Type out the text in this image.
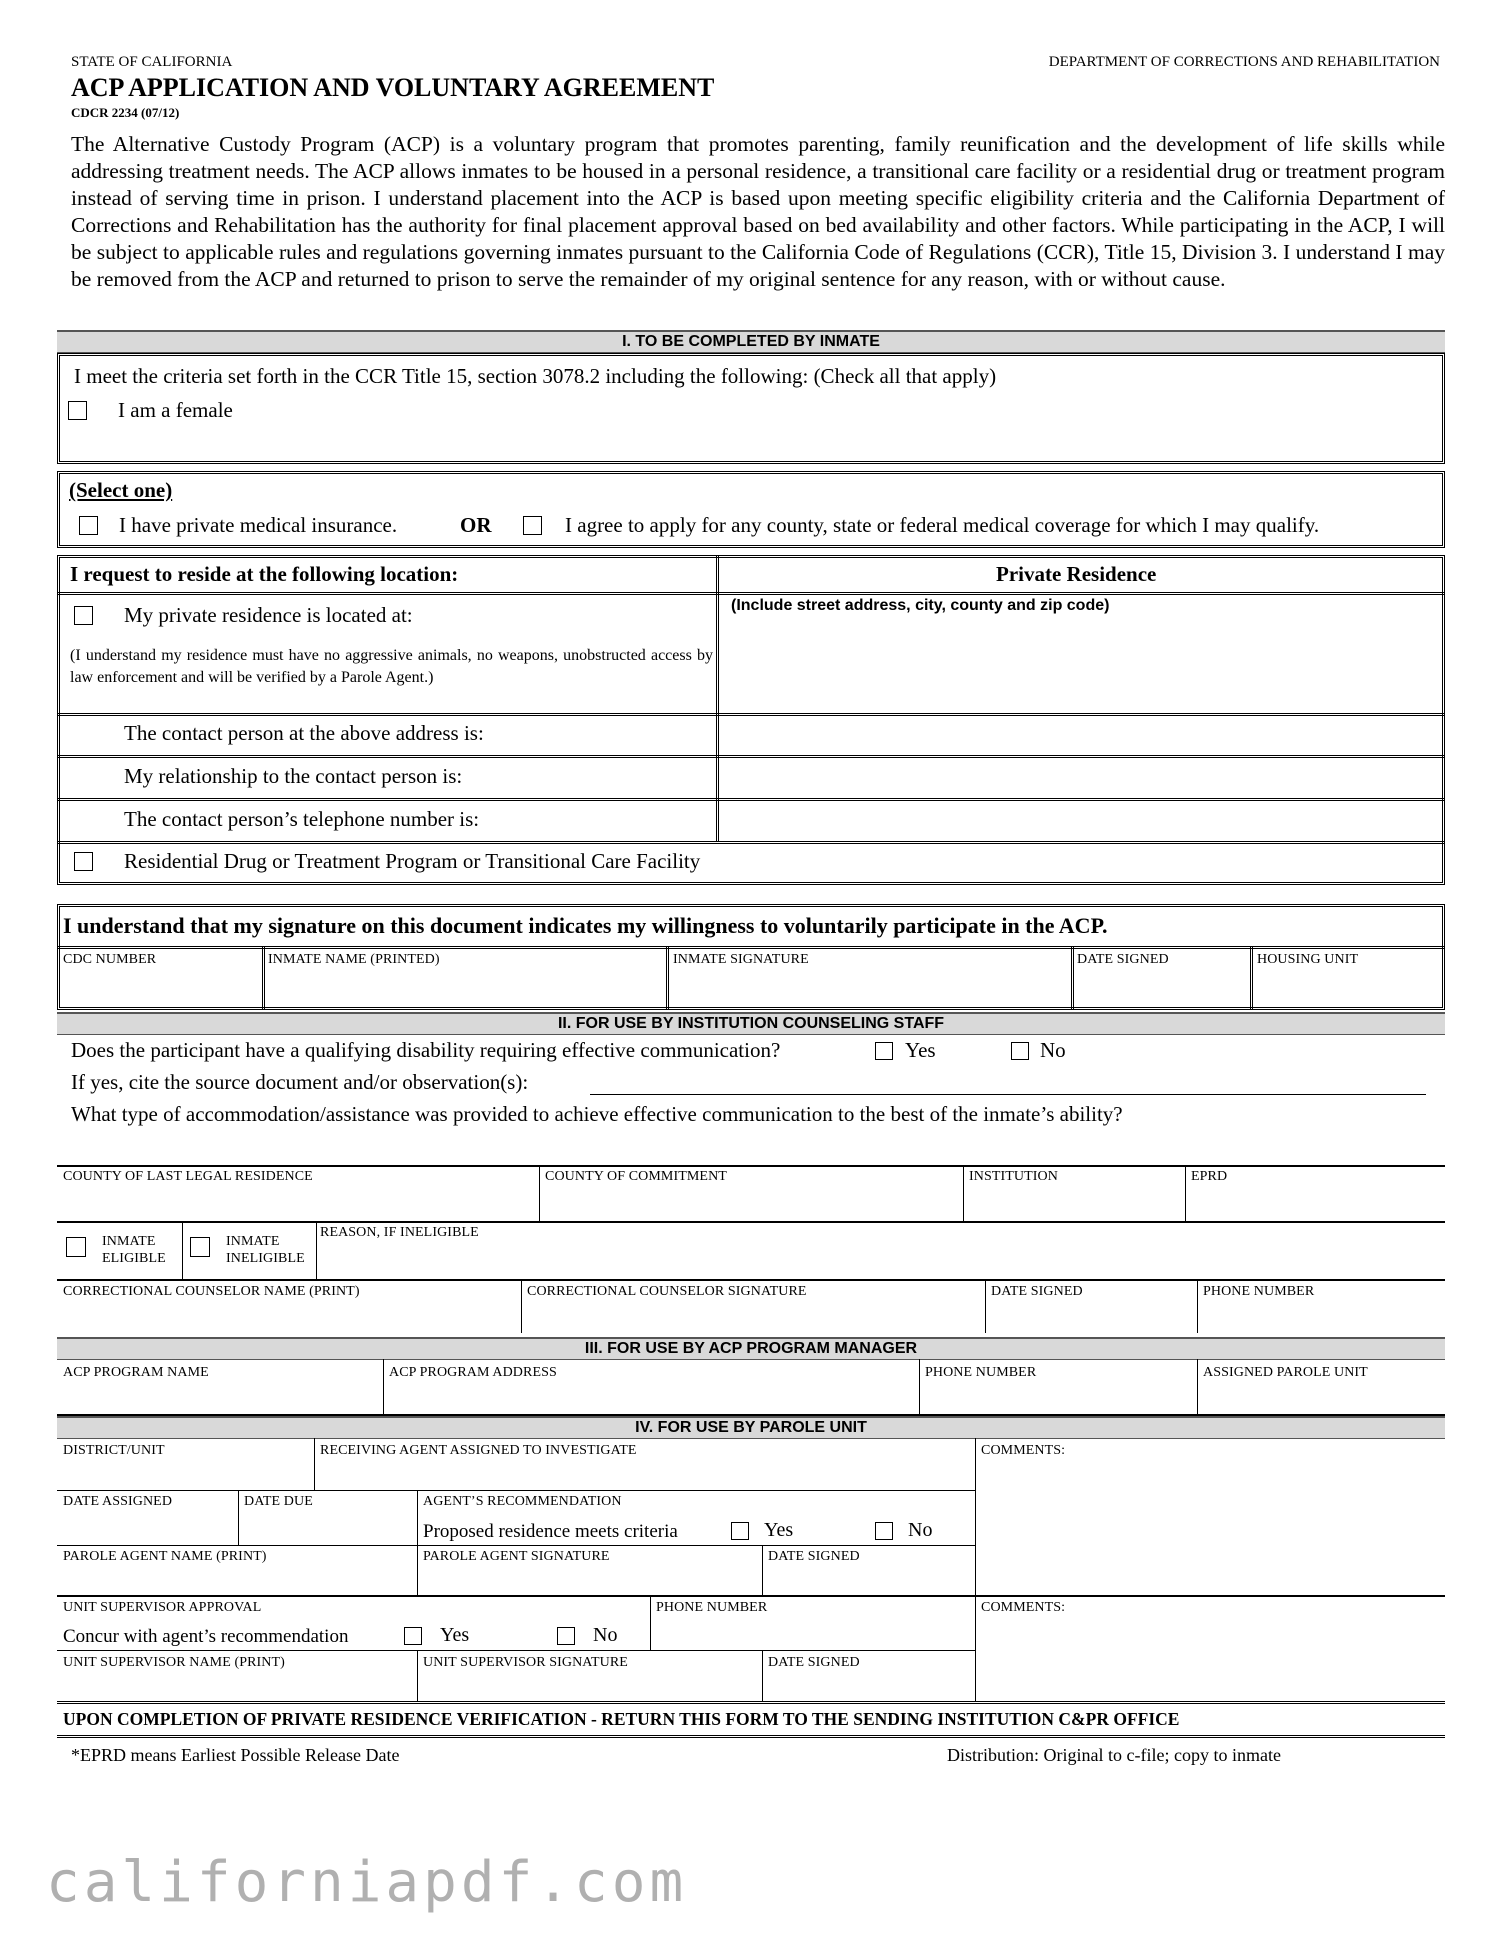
STATE OF CALIFORNIA	DEPARTMENT OF CORRECTIONS AND REHABILITATION
ACP APPLICATION AND VOLUNTARY AGREEMENT
CDCR 2234 (07/12)

The Alternative Custody Program (ACP) is a voluntary program that promotes parenting, family reunification and the development of life skills while addressing treatment needs. The ACP allows inmates to be housed in a personal residence, a transitional care facility or a residential drug or treatment program instead of serving time in prison. I understand placement into the ACP is based upon meeting specific eligibility criteria and the California Department of Corrections and Rehabilitation has the authority for final placement approval based on bed availability and other factors. While participating in the ACP, I will be subject to applicable rules and regulations governing inmates pursuant to the California Code of Regulations (CCR), Title 15, Division 3. I understand I may be removed from the ACP and returned to prison to serve the remainder of my original sentence for any reason, with or without cause.

I. TO BE COMPLETED BY INMATE
I meet the criteria set forth in the CCR Title 15, section 3078.2 including the following: (Check all that apply)
I am a female
(Select one)
I have private medical insurance.	OR	I agree to apply for any county, state or federal medical coverage for which I may qualify.
I request to reside at the following location:	Private Residence
My private residence is located at:	(Include street address, city, county and zip code)
(I understand my residence must have no aggressive animals, no weapons, unobstructed access by law enforcement and will be verified by a Parole Agent.)
The contact person at the above address is:
My relationship to the contact person is:
The contact person’s telephone number is:
Residential Drug or Treatment Program or Transitional Care Facility
I understand that my signature on this document indicates my willingness to voluntarily participate in the ACP.
CDC NUMBER	INMATE NAME (PRINTED)	INMATE SIGNATURE	DATE SIGNED	HOUSING UNIT
II. FOR USE BY INSTITUTION COUNSELING STAFF
Does the participant have a qualifying disability requiring effective communication?	Yes	No
If yes, cite the source document and/or observation(s):
What type of accommodation/assistance was provided to achieve effective communication to the best of the inmate’s ability?
COUNTY OF LAST LEGAL RESIDENCE	COUNTY OF COMMITMENT	INSTITUTION	EPRD
INMATE
ELIGIBLE
INMATE
INELIGIBLE
REASON, IF INELIGIBLE
CORRECTIONAL COUNSELOR NAME (PRINT)	CORRECTIONAL COUNSELOR SIGNATURE	DATE SIGNED	PHONE NUMBER
III. FOR USE BY ACP PROGRAM MANAGER
ACP PROGRAM NAME	ACP PROGRAM ADDRESS	PHONE NUMBER	ASSIGNED PAROLE UNIT
IV. FOR USE BY PAROLE UNIT
DISTRICT/UNIT	RECEIVING AGENT ASSIGNED TO INVESTIGATE	COMMENTS:
DATE ASSIGNED	DATE DUE	AGENT’S RECOMMENDATION
Proposed residence meets criteria	Yes	No
PAROLE AGENT NAME (PRINT)	PAROLE AGENT SIGNATURE	DATE SIGNED
UNIT SUPERVISOR APPROVAL	PHONE NUMBER	COMMENTS:
Concur with agent’s recommendation	Yes	No
UNIT SUPERVISOR NAME (PRINT)	UNIT SUPERVISOR SIGNATURE	DATE SIGNED
UPON COMPLETION OF PRIVATE RESIDENCE VERIFICATION - RETURN THIS FORM TO THE SENDING INSTITUTION C&PR OFFICE
*EPRD means Earliest Possible Release Date	Distribution: Original to c-file; copy to inmate
californiapdf.com
